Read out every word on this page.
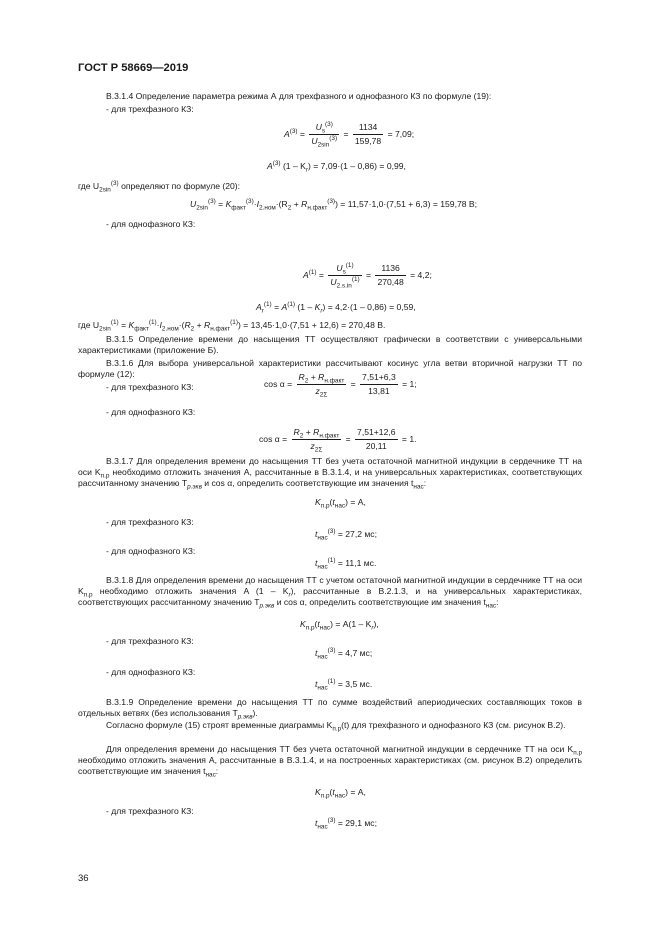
ГОСТ Р 58669—2019
В.3.1.4 Определение параметра режима А для трехфазного и однофазного КЗ по формуле (19):
- для трехфазного КЗ:
$A^{(3)} = \frac{U_s^{(3)}}{U_{2sin}^{(3)}} = \frac{1134}{159,78} = 7,09$;
$A^{(3)}$ $(1 - K_r) = 7,09\cdot(1 - 0,86) = 0,99$,
где $U_{2sin}^{(3)}$ определяют по формуле (20):
$U_{2sin}^{(3)} = K_{факт}^{(3)}\cdot I_{2.ном}\cdot(R_2 + R_{н.факт}^{(3)}) = 11,57\cdot 1,0\cdot(7,51 + 6,3) = 159,78$ В;
- для однофазного КЗ:
$A^{(1)} = \frac{U_s^{(1)}}{U_{2.s.in}^{(1)}} = \frac{1136}{270,48} = 4,2$;
$A_r^{(1)} = A^{(1)}$ $(1 - K_r) = 4,2\cdot(1 - 0,86) = 0,59$,
где $U_{2sin}^{(1)} = K_{факт}^{(1)}\cdot I_{2.ном}\cdot(R_2 + R_{н.факт}^{(1)}) = 13,45\cdot 1,0\cdot(7,51 + 12,6) = 270,48$ В.
В.3.1.5 Определение времени до насыщения ТТ осуществляют графически в соответствии с универсальными характеристиками (приложение Б).
В.3.1.6 Для выбора универсальной характеристики рассчитывают косинус угла ветви вторичной нагрузки ТТ по формуле (12):
- для трехфазного КЗ:	$\cos \alpha = \frac{R_2 + R_{н.факт}}{z_{2\Sigma}} = \frac{7,51+6,3}{13,81} = 1$;
- для однофазного КЗ:
$\cos \alpha = \frac{R_2 + R_{н.факт}}{z_{2\Sigma}} = \frac{7,51+12,6}{20,11} = 1$.
В.3.1.7 Для определения времени до насыщения ТТ без учета остаточной магнитной индукции в сердечнике ТТ на оси $K_{п.р}$ необходимо отложить значения A, рассчитанные в В.3.1.4, и на универсальных характеристиках, соответствующих рассчитанному значению $T_{р.экв}$ и cos α, определить соответствующие им значения $t_{нас}$:
$K_{п.р}(t_{нас}) = A$,
- для трехфазного КЗ:
$t_{нас}^{(3)} = 27,2$ мс;
- для однофазного КЗ:
$t_{нас}^{(1)} = 11,1$ мс.
В.3.1.8 Для определения времени до насыщения ТТ с учетом остаточной магнитной индукции в сердечнике ТТ на оси $K_{п.р}$ необходимо отложить значения A $(1 - K_r)$, рассчитанные в В.2.1.3, и на универсальных характеристиках, соответствующих рассчитанному значению $T_{р.экв}$ и cos α, определить соответствующие им значения $t_{нас}$:
$K_{п.р}(t_{нас}) = A(1 - K_r)$,
- для трехфазного КЗ:
$t_{нас}^{(3)} = 4,7$ мс;
- для однофазного КЗ:
$t_{нас}^{(1)} = 3,5$ мс.
В.3.1.9 Определение времени до насыщения ТТ по сумме воздействий апериодических составляющих токов в отдельных ветвях (без использования $T_{р.экв}$).
Согласно формуле (15) строят временные диаграммы $K_{п.р}(t)$ для трехфазного и однофазного КЗ (см. рисунок В.2).
Для определения времени до насыщения ТТ без учета остаточной магнитной индукции в сердечнике ТТ на оси $K_{п.р}$ необходимо отложить значения A, рассчитанные в В.3.1.4, и на построенных характеристиках (см. рисунок В.2) определить соответствующие им значения $t_{нас}$:
$K_{п.р}(t_{нас}) = A$,
- для трехфазного КЗ:
$t_{нас}^{(3)} = 29,1$ мс;
36
